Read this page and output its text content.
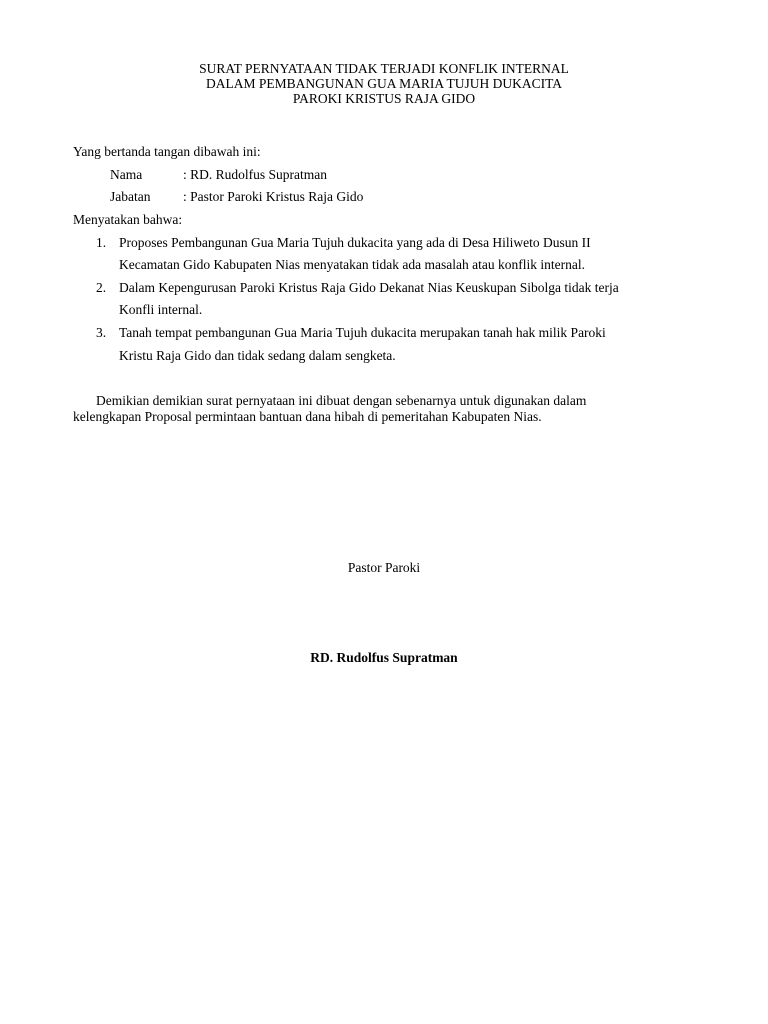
SURAT PERNYATAAN TIDAK TERJADI KONFLIK INTERNAL
DALAM PEMBANGUNAN GUA MARIA TUJUH DUKACITA
PAROKI KRISTUS RAJA GIDO
Yang bertanda tangan dibawah ini:
Nama	: RD. Rudolfus Supratman
Jabatan : Pastor Paroki Kristus Raja Gido
Menyatakan bahwa:
1. Proposes Pembangunan Gua Maria Tujuh dukacita yang ada di Desa Hiliweto Dusun II
Kecamatan Gido Kabupaten Nias menyatakan tidak ada masalah atau konflik internal.
2. Dalam Kepengurusan Paroki Kristus Raja Gido Dekanat Nias Keuskupan Sibolga tidak terja
Konfli internal.
3. Tanah tempat pembangunan Gua Maria Tujuh dukacita merupakan tanah hak milik Paroki
Kristu Raja Gido dan tidak sedang dalam sengketa.
Demikian demikian surat pernyataan ini dibuat dengan sebenarnya untuk digunakan dalam
kelengkapan Proposal permintaan bantuan dana hibah di pemeritahan Kabupaten Nias.
Pastor Paroki
RD. Rudolfus Supratman
